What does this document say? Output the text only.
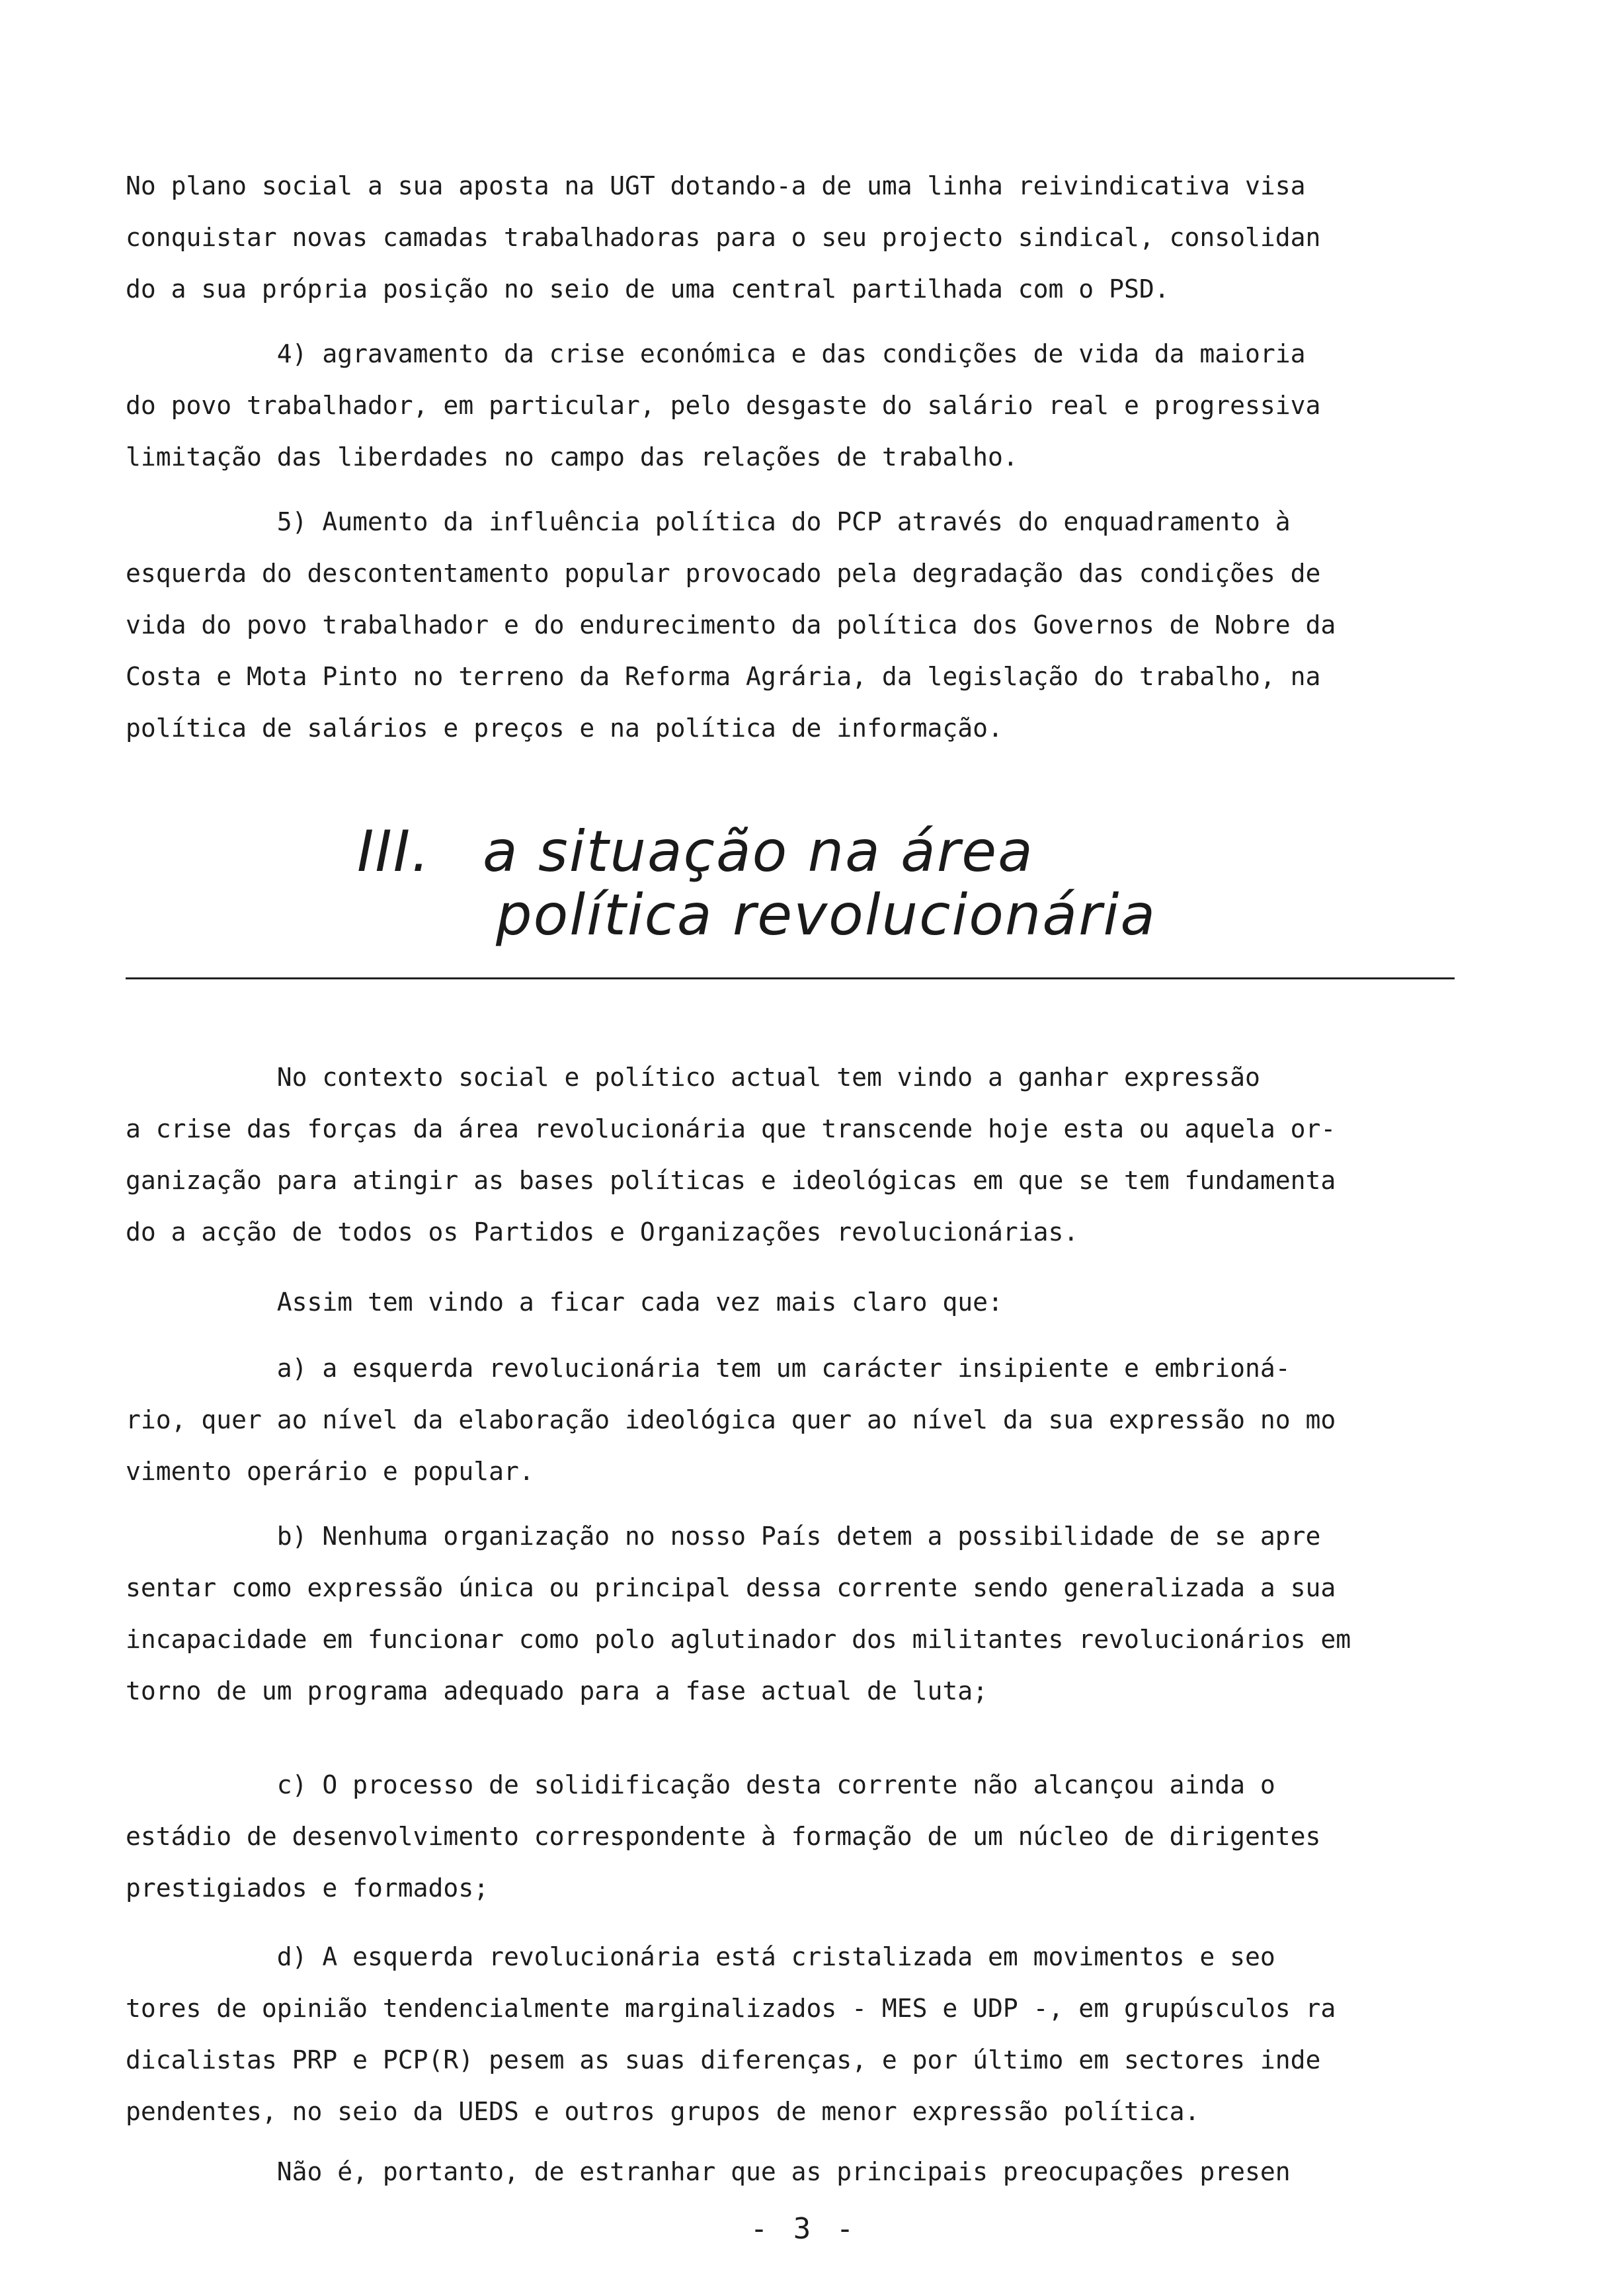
No plano social a sua aposta na UGT dotando-a de uma linha reivindicativa visa
conquistar novas camadas trabalhadoras para o seu projecto sindical, consolidan
do a sua própria posição no seio de uma central partilhada com o PSD.
4) agravamento da crise económica e das condições de vida da maioria
do povo trabalhador, em particular, pelo desgaste do salário real e progressiva
limitação das liberdades no campo das relações de trabalho.
5) Aumento da influência política do PCP através do enquadramento à
esquerda do descontentamento popular provocado pela degradação das condições de
vida do povo trabalhador e do endurecimento da política dos Governos de Nobre da
Costa e Mota Pinto no terreno da Reforma Agrária, da legislação do trabalho, na
política de salários e preços e na política de informação.
III. a situação na área
política revolucionária
No contexto social e político actual tem vindo a ganhar expressão
a crise das forças da área revolucionária que transcende hoje esta ou aquela or-
ganização para atingir as bases políticas e ideológicas em que se tem fundamenta
do a acção de todos os Partidos e Organizações revolucionárias.
Assim tem vindo a ficar cada vez mais claro que:
a) a esquerda revolucionária tem um carácter insipiente e embrioná-
rio, quer ao nível da elaboração ideológica quer ao nível da sua expressão no mo
vimento operário e popular.
b) Nenhuma organização no nosso País detem a possibilidade de se apre
sentar como expressão única ou principal dessa corrente sendo generalizada a sua
incapacidade em funcionar como polo aglutinador dos militantes revolucionários em
torno de um programa adequado para a fase actual de luta;
c) O processo de solidificação desta corrente não alcançou ainda o
estádio de desenvolvimento correspondente à formação de um núcleo de dirigentes
prestigiados e formados;
d) A esquerda revolucionária está cristalizada em movimentos e seo
tores de opinião tendencialmente marginalizados - MES e UDP -, em grupúsculos ra
dicalistas PRP e PCP(R) pesem as suas diferenças, e por último em sectores inde
pendentes, no seio da UEDS e outros grupos de menor expressão política.
Não é, portanto, de estranhar que as principais preocupações presen
- 3 -
